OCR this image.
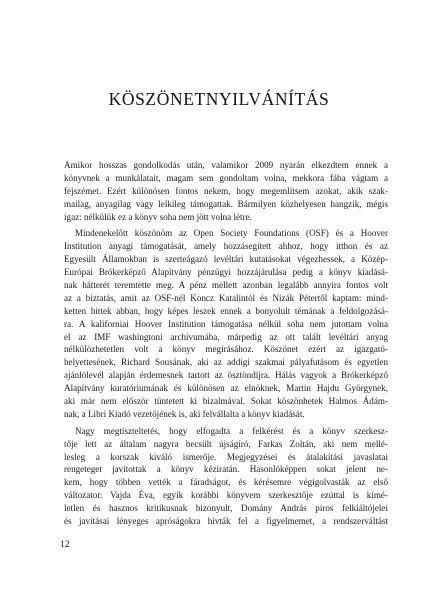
KÖSZÖNETNYILVÁNÍTÁS

Amikor hosszas gondolkodás után, valamikor 2009 nyarán elkezdtem ennek a
könyvnek a munkálatait, magam sem gondoltam volna, mekkora fába vágtam a
fejszémet. Ezért különösen fontos nekem, hogy megemlítsem azokat, akik szak-
mailag, anyagilag vagy lelkileg támogattak. Bármilyen közhelyesen hangzik, mégis
igaz: nélkülük ez a könyv soha nem jött volna létre.

Mindenekelőtt köszönöm az Open Society Foundations (OSF) és a Hoover
Institution anyagi támogatását, amely hozzásegített ahhoz, hogy itthon és az
Egyesült Államokban is szerteágazó levéltári kutatásokat végezhessek, a Közép-
Európai Brókerképző Alapítvány pénzügyi hozzájárulása pedig a könyv kiadásá-
nak hátterét teremtette meg. A pénz mellett azonban legalább annyira fontos volt
az a biztatás, amit az OSF-nél Koncz Katalintól és Nizák Pétertől kaptam: mind-
ketten hittek abban, hogy képes leszek ennek a bonyolult témának a feldolgozásá-
ra. A kaliforniai Hoover Institution támogatása nélkül soha nem jutottam volna
el az IMF washingtoni archívumába, márpedig az ott talált levéltári anyag
nélkülözhetetlen volt a könyv megírásához. Köszönet ezért az igazgatö-
helyettesének, Richard Sousának, aki az addigi szakmai pályafutásom és egyetlen
ajánlólevél alapján érdemesnek tartott az ösztöndíjra. Hálás vagyok a Brókerképző
Alapítvány kuratóriumának és különösen az elnöknek, Martin Hajdu Györgynek,
aki már nem először tüntetett ki bizalmával. Sokat köszönhetek Halmos Ádám-
nak, a Libri Kiadó vezetőjének is, aki felvállalta a könyv kiadását.

Nagy megtiszteltetés, hogy elfogadta a felkérést és a könyv szerkesz-
tője lett az általam nagyra becsült újságíró, Farkas Zoltán, aki nem mellé-
lesleg a korszak kiváló ismerője. Megjegyzései és átalakítási javaslatai
rengeteget javítottak a könyv kéziratán. Hasonlóképpen sokat jelent ne-
kem, hogy többen vették a fáradságot, és kérésemre végigolvasták az első
változatot: Vajda Éva, egyik korábbi könyvem szerkesztője ezúttal is kímé-
letlen és hasznos kritikusnak bizonyult, Domány András piros felkiáltójelei
és javításai lényeges apróságokra hívták fel a figyelmemet, a rendszerváltást

12
